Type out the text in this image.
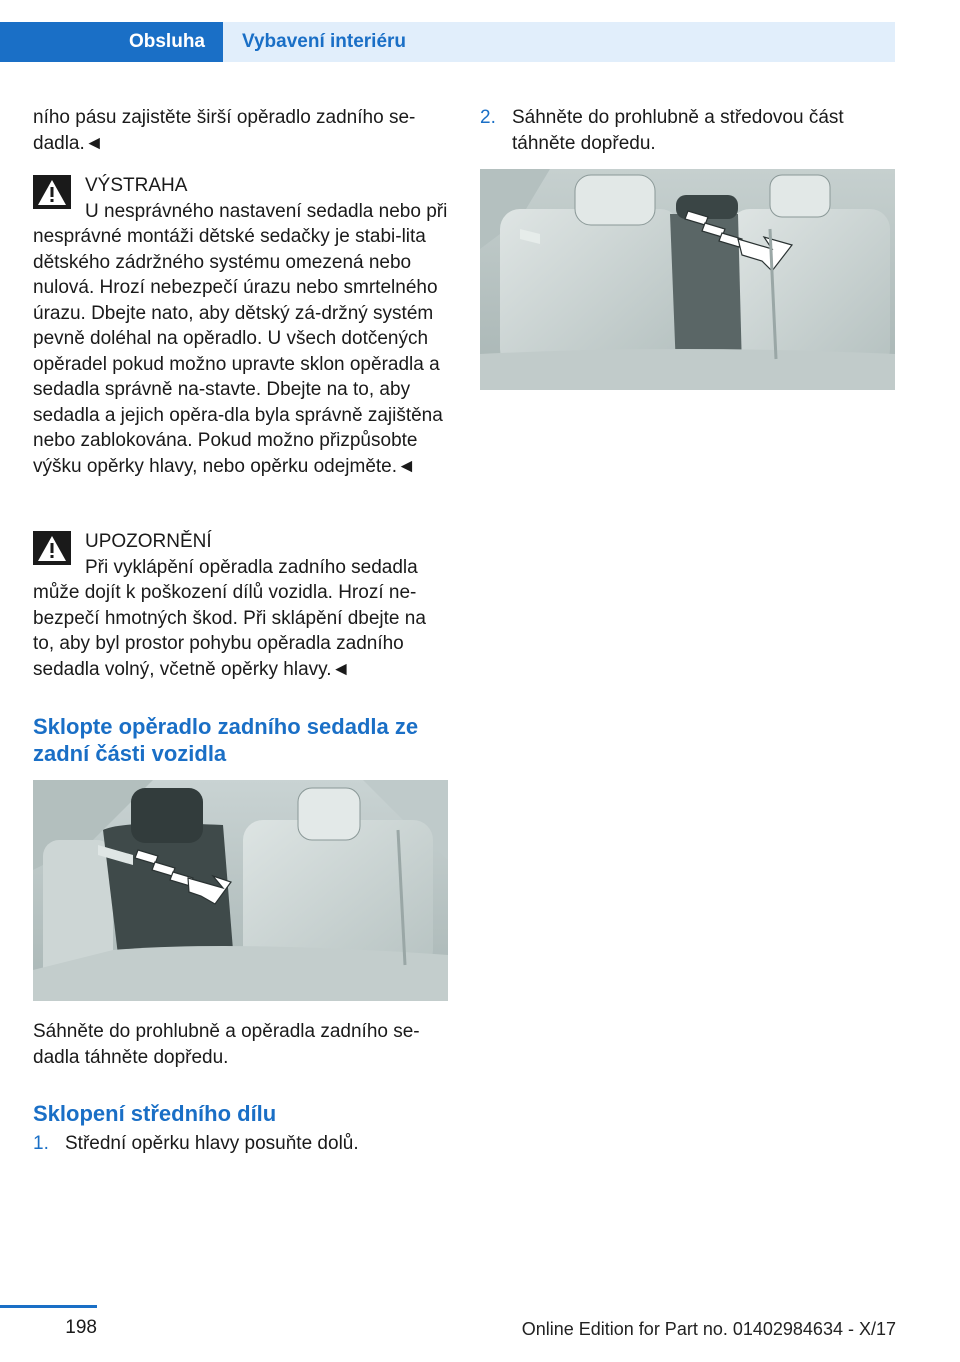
Obsluha	Vybavení interiéru

ního pásu zajistěte širší opěradlo zadního se‐dadla.◄

VÝSTRAHA
U nesprávného nastavení sedadla nebo při nesprávné montáži dětské sedačky je stabi‐lita dětského zádržného systému omezená nebo nulová. Hrozí nebezpečí úrazu nebo smrtelného úrazu. Dbejte nato, aby dětský zá‐držný systém pevně doléhal na opěradlo. U všech dotčených opěradel pokud možno upravte sklon opěradla a sedadla správně na‐stavte. Dbejte na to, aby sedadla a jejich opěra‐dla byla správně zajištěna nebo zablokována. Pokud možno přizpůsobte výšku opěrky hlavy, nebo opěrku odejměte.◄
UPOZORNĚNÍ
Při vyklápění opěradla zadního sedadla může dojít k poškození dílů vozidla. Hrozí ne‐bezpečí hmotných škod. Při sklápění dbejte na to, aby byl prostor pohybu opěradla zadního sedadla volný, včetně opěrky hlavy.◄
Sklopte opěradlo zadního sedadla ze zadní části vozidla

Sáhněte do prohlubně a opěradla zadního se‐dadla táhněte dopředu.

Sklopení středního dílu
1. Střední opěrku hlavy posuňte dolů.
2. Sáhněte do prohlubně a středovou část táhněte dopředu.
198	Online Edition for Part no. 01402984634 - X/17
